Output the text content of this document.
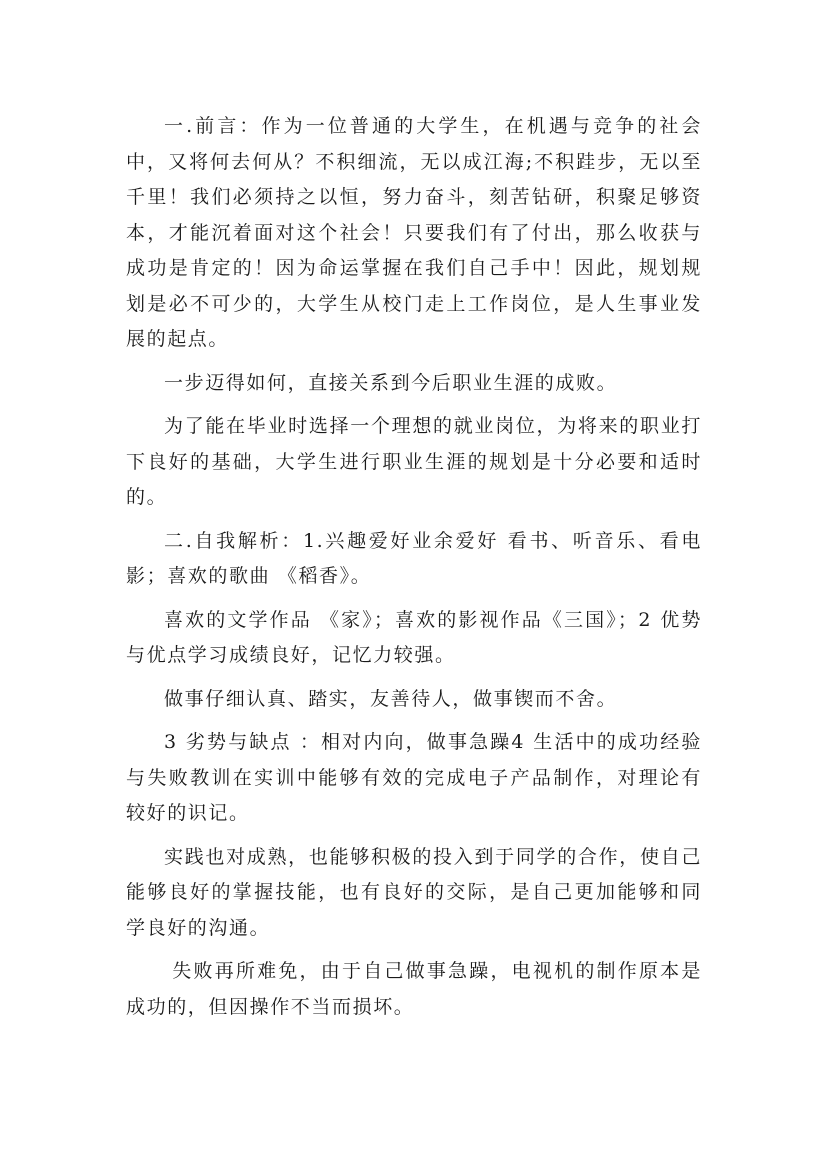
一.前言：作为一位普通的大学生，在机遇与竞争的社会中，又将何去何从？不积细流，无以成江海;不积跬步，无以至千里！我们必须持之以恒，努力奋斗，刻苦钻研，积聚足够资本，才能沉着面对这个社会！只要我们有了付出，那么收获与成功是肯定的！因为命运掌握在我们自己手中！因此，规划规划是必不可少的，大学生从校门走上工作岗位，是人生事业发展的起点。

一步迈得如何，直接关系到今后职业生涯的成败。

为了能在毕业时选择一个理想的就业岗位，为将来的职业打下良好的基础，大学生进行职业生涯的规划是十分必要和适时的。

二.自我解析：1.兴趣爱好业余爱好 看书、听音乐、看电影；喜欢的歌曲 《稻香》。

喜欢的文学作品 《家》；喜欢的影视作品《三国》；2 优势与优点学习成绩良好，记忆力较强。

做事仔细认真、踏实，友善待人，做事锲而不舍。

3 劣势与缺点 ：相对内向，做事急躁4 生活中的成功经验与失败教训在实训中能够有效的完成电子产品制作，对理论有较好的识记。

实践也对成熟，也能够积极的投入到于同学的合作，使自己能够良好的掌握技能，也有良好的交际，是自己更加能够和同学良好的沟通。

失败再所难免，由于自己做事急躁，电视机的制作原本是成功的，但因操作不当而损坏。
